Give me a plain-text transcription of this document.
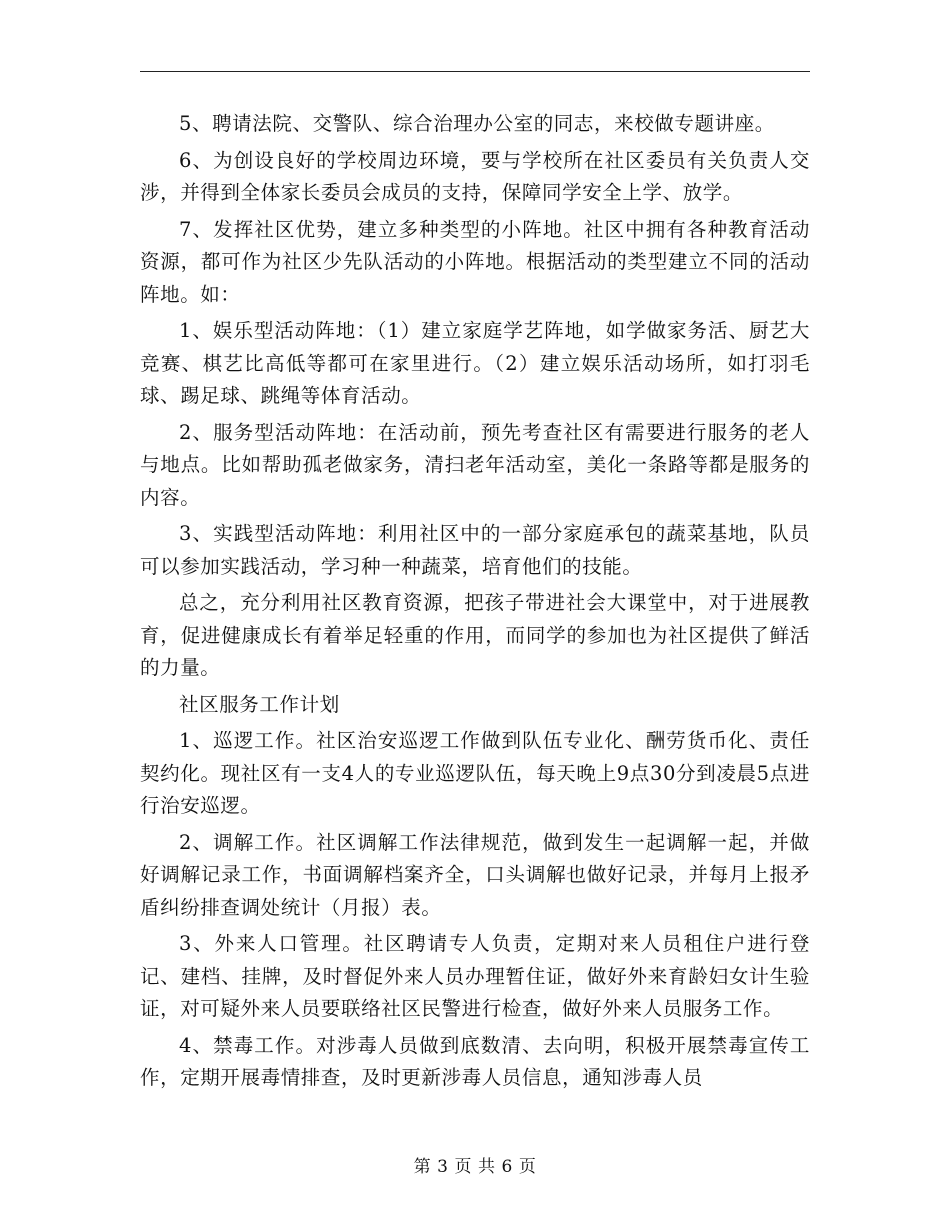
5、聘请法院、交警队、综合治理办公室的同志，来校做专题讲座。

6、为创设良好的学校周边环境，要与学校所在社区委员有关负责人交涉，并得到全体家长委员会成员的支持，保障同学安全上学、放学。

7、发挥社区优势，建立多种类型的小阵地。社区中拥有各种教育活动资源，都可作为社区少先队活动的小阵地。根据活动的类型建立不同的活动阵地。如：

1、娱乐型活动阵地：（1）建立家庭学艺阵地，如学做家务活、厨艺大竞赛、棋艺比高低等都可在家里进行。（2）建立娱乐活动场所，如打羽毛球、踢足球、跳绳等体育活动。

2、服务型活动阵地：在活动前，预先考查社区有需要进行服务的老人与地点。比如帮助孤老做家务，清扫老年活动室，美化一条路等都是服务的内容。

3、实践型活动阵地：利用社区中的一部分家庭承包的蔬菜基地，队员可以参加实践活动，学习种一种蔬菜，培育他们的技能。

总之，充分利用社区教育资源，把孩子带进社会大课堂中，对于进展教育，促进健康成长有着举足轻重的作用，而同学的参加也为社区提供了鲜活的力量。

社区服务工作计划

1、巡逻工作。社区治安巡逻工作做到队伍专业化、酬劳货币化、责任契约化。现社区有一支4人的专业巡逻队伍，每天晚上9点30分到凌晨5点进行治安巡逻。

2、调解工作。社区调解工作法律规范，做到发生一起调解一起，并做好调解记录工作，书面调解档案齐全，口头调解也做好记录，并每月上报矛盾纠纷排查调处统计（月报）表。

3、外来人口管理。社区聘请专人负责，定期对来人员租住户进行登记、建档、挂牌，及时督促外来人员办理暂住证，做好外来育龄妇女计生验证，对可疑外来人员要联络社区民警进行检查，做好外来人员服务工作。

4、禁毒工作。对涉毒人员做到底数清、去向明，积极开展禁毒宣传工作，定期开展毒情排查，及时更新涉毒人员信息，通知涉毒人员

第 3 页 共 6 页
